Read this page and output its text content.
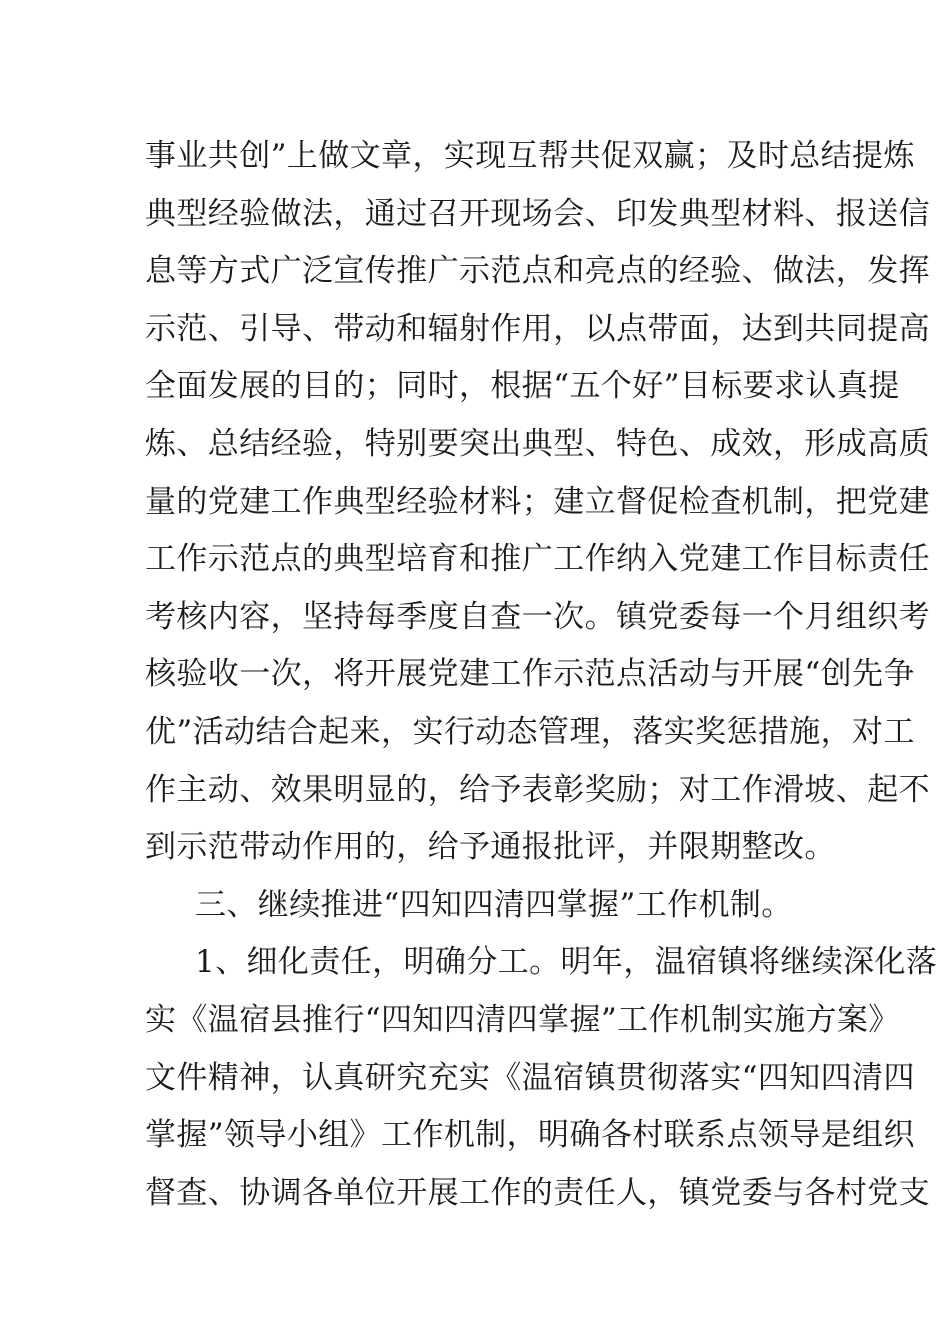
事业共创”上做文章，实现互帮共促双赢；及时总结提炼
典型经验做法，通过召开现场会、印发典型材料、报送信
息等方式广泛宣传推广示范点和亮点的经验、做法，发挥
示范、引导、带动和辐射作用，以点带面，达到共同提高
全面发展的目的；同时，根据“五个好”目标要求认真提
炼、总结经验，特别要突出典型、特色、成效，形成高质
量的党建工作典型经验材料；建立督促检查机制，把党建
工作示范点的典型培育和推广工作纳入党建工作目标责任
考核内容，坚持每季度自查一次。镇党委每一个月组织考
核验收一次，将开展党建工作示范点活动与开展“创先争
优”活动结合起来，实行动态管理，落实奖惩措施，对工
作主动、效果明显的，给予表彰奖励；对工作滑坡、起不
到示范带动作用的，给予通报批评，并限期整改。
三、继续推进“四知四清四掌握”工作机制。
1、细化责任，明确分工。明年，温宿镇将继续深化落
实《温宿县推行“四知四清四掌握”工作机制实施方案》
文件精神，认真研究充实《温宿镇贯彻落实“四知四清四
掌握”领导小组》工作机制，明确各村联系点领导是组织
督查、协调各单位开展工作的责任人，镇党委与各村党支
